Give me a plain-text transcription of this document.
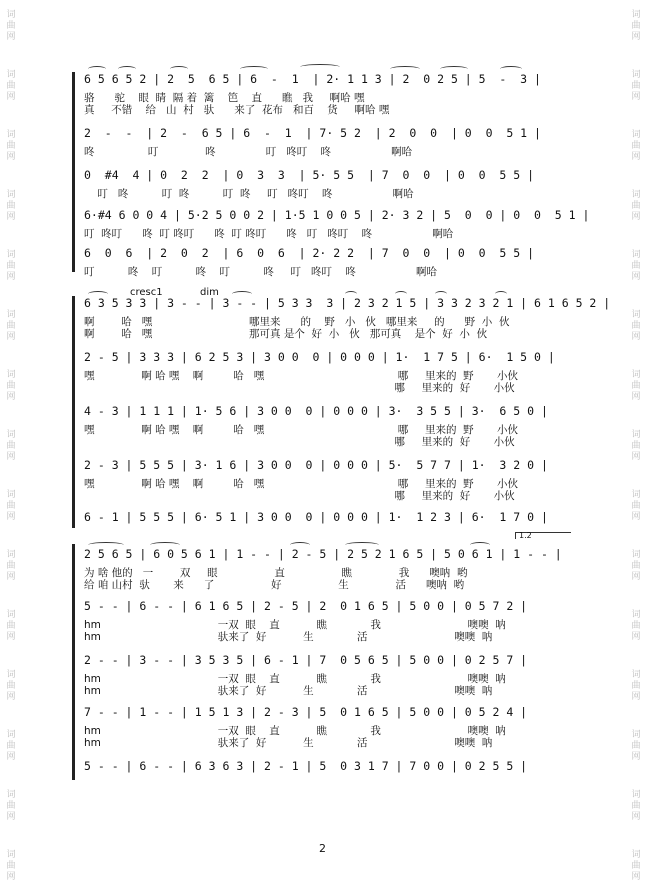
词
曲
网
词
曲
网
词
曲
网
词
曲
网
词
曲
网
词
曲
网
词
曲
网
词
曲
网
词
曲
网
词
曲
网
词
曲
网
词
曲
网
词
曲
网
词
曲
网
词
曲
网
词
曲
网
词
曲
网
词
曲
网
词
曲
网
词
曲
网
词
曲
网
词
曲
网
词
曲
网
词
曲
网
词
曲
网
词
曲
网
词
曲
网
词
曲
网
词
曲
网
词
曲
网
6 5 6 5 2 | 2  5  6 5 | 6  -  1  | 2· 1 1 3 | 2  0 2 5 | 5  -  3 |
骆      驼    眼  睛  隔 着  篱    笆    直      瞧   我     啊哈 嘿
真     不错    给   山  村   驮      来了  花布   和百    货     啊哈 嘿
2  -  -  | 2  -  6 5 | 6  -  1  | 7· 5 2  | 2  0  0  | 0  0  5 1 |
咚                叮              咚               叮   咚叮    咚                  啊哈
0  #4  4 | 0  2  2  | 0  3  3  | 5· 5 5  | 7  0  0  | 0  0  5 5 |
叮   咚          叮  咚          叮  咚     叮   咚叮    咚                  啊哈
6·#4 6 0 0 4 | 5·2 5 0 0 2 | 1·5 1 0 0 5 | 2· 3 2 | 5  0  0 | 0  0  5 1 |
叮  咚叮      咚  叮 咚叮      咚  叮 咚叮      咚   叮   咚叮    咚                  啊哈
6  0  6  | 2  0  2  | 6  0  6  | 2· 2 2  | 7  0  0  | 0  0  5 5 |
叮          咚    叮          咚    叮          咚     叮   咚叮    咚                  啊哈
6 3 5 3 3 | 3 - - | 3 - - | 5 3 3  3 | 2 3 2 1 5 | 3 3 2 3 2 1 | 6 1 6 5 2 |
啊        哈   嘿                             哪里来      的    野   小   伙   哪里来     的      野  小  伙
啊        哈   嘿                             那可真 是个  好  小   伙   那可真    是个  好  小  伙
2 - 5 | 3 3 3 | 6 2 5 3 | 3 0 0  0 | 0 0 0 | 1·  1 7 5 | 6·  1 5 0 |
嘿              啊 哈 嘿    啊         哈   嘿                                        哪     里来的  野       小伙
哪     里来的  好       小伙
4 - 3 | 1 1 1 | 1· 5 6 | 3 0 0  0 | 0 0 0 | 3·  3 5 5 | 3·  6 5 0 |
嘿              啊 哈 嘿    啊         哈   嘿                                        哪     里来的  野       小伙
哪     里来的  好       小伙
2 - 3 | 5 5 5 | 3· 1 6 | 3 0 0  0 | 0 0 0 | 5·  5 7 7 | 1·  3 2 0 |
嘿              啊 哈 嘿    啊         哈   嘿                                        哪     里来的  野       小伙
哪     里来的  好       小伙
6 - 1 | 5 5 5 | 6· 5 1 | 3 0 0  0 | 0 0 0 | 1·  1 2 3 | 6·  1 7 0 |
cresc1	dim
2 5 6 5 | 6 0 5 6 1 | 1 - - | 2 - 5 | 2 5 2 1 6 5 | 5 0 6 1 | 1 - - |
为 啥 他的   一        双     眼                 直                 瞧              我      噢呐  哟
给 咱 山村  驮       来      了                 好                 生              活      噢呐  哟
5 - - | 6 - - | 6 1 6 5 | 2 - 5 | 2  0 1 6 5 | 5 0 0 | 0 5 7 2 |
hm                                   一双  眼    直           瞧             我                          噢噢  呐
hm                                   驮来了  好           生             活                          噢噢  呐
2 - - | 3 - - | 3 5 3 5 | 6 - 1 | 7  0 5 6 5 | 5 0 0 | 0 2 5 7 |
hm                                   一双  眼    直           瞧             我                          噢噢  呐
hm                                   驮来了  好           生             活                          噢噢  呐
7 - - | 1 - - | 1 5 1 3 | 2 - 3 | 5  0 1 6 5 | 5 0 0 | 0 5 2 4 |
hm                                   一双  眼    直           瞧             我                          噢噢  呐
hm                                   驮来了  好           生             活                          噢噢  呐
5 - - | 6 - - | 6 3 6 3 | 2 - 1 | 5  0 3 1 7 | 7 0 0 | 0 2 5 5 |
1.2
2
